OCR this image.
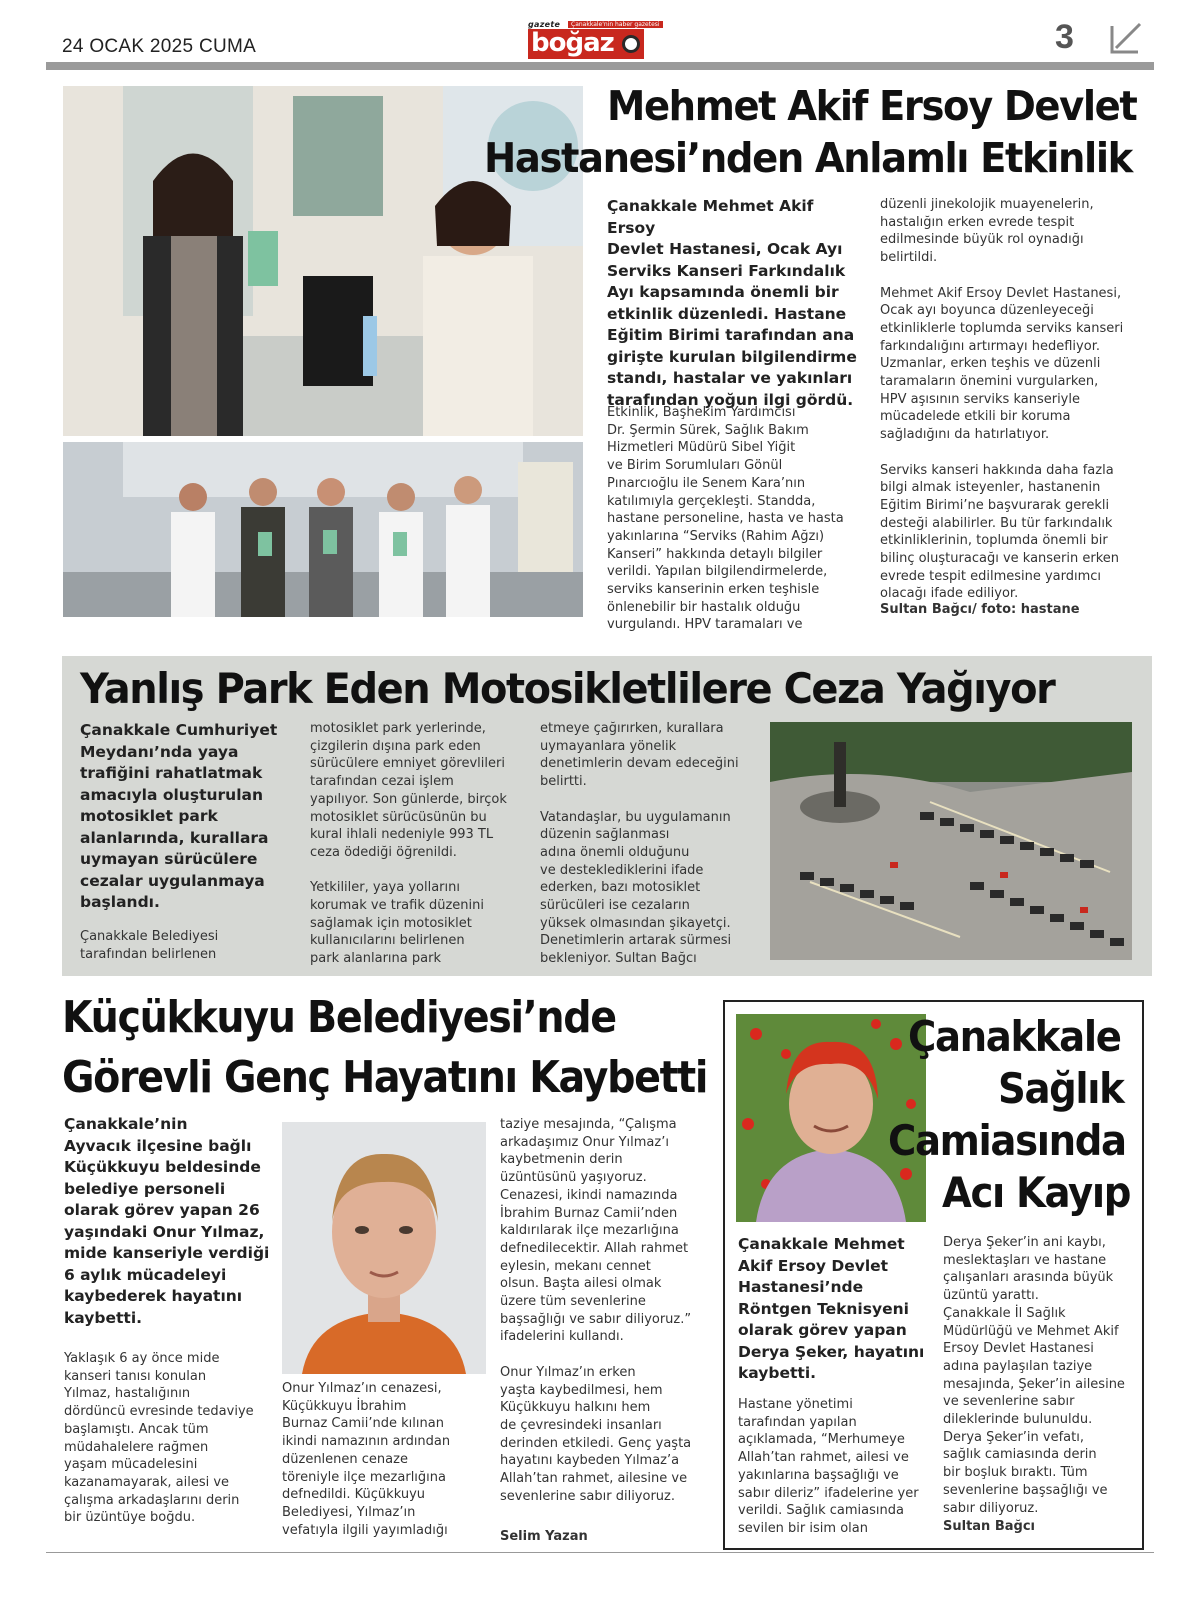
24 OCAK 2025 CUMA
gazete	Çanakkale'nin haber gazetesi
boğaz	3
Mehmet Akif Ersoy Devlet
Hastanesi’nden Anlamlı Etkinlik
Çanakkale Mehmet Akif Ersoy
Devlet Hastanesi, Ocak Ayı
Serviks Kanseri Farkındalık
Ayı kapsamında önemli bir
etkinlik düzenledi. Hastane
Eğitim Birimi tarafından ana
girişte kurulan bilgilendirme
standı, hastalar ve yakınları
tarafından yoğun ilgi gördü.
Etkinlik, Başhekim Yardımcısı
Dr. Şermin Sürek, Sağlık Bakım
Hizmetleri Müdürü Sibel Yiğit
ve Birim Sorumluları Gönül
Pınarcıoğlu ile Senem Kara’nın
katılımıyla gerçekleşti. Standda,
hastane personeline, hasta ve hasta
yakınlarına “Serviks (Rahim Ağzı)
Kanseri” hakkında detaylı bilgiler
verildi. Yapılan bilgilendirmelerde,
serviks kanserinin erken teşhisle
önlenebilir bir hastalık olduğu
vurgulandı. HPV taramaları ve
düzenli jinekolojik muayenelerin,
hastalığın erken evrede tespit
edilmesinde büyük rol oynadığı
belirtildi.

Mehmet Akif Ersoy Devlet Hastanesi,
Ocak ayı boyunca düzenleyeceği
etkinliklerle toplumda serviks kanseri
farkındalığını artırmayı hedefliyor.
Uzmanlar, erken teşhis ve düzenli
taramaların önemini vurgularken,
HPV aşısının serviks kanseriyle
mücadelede etkili bir koruma
sağladığını da hatırlatıyor.

Serviks kanseri hakkında daha fazla
bilgi almak isteyenler, hastanenin
Eğitim Birimi’ne başvurarak gerekli
desteği alabilirler. Bu tür farkındalık
etkinliklerinin, toplumda önemli bir
bilinç oluşturacağı ve kanserin erken
evrede tespit edilmesine yardımcı
olacağı ifade ediliyor.
Sultan Bağcı/ foto: hastane
Yanlış Park Eden Motosikletlilere Ceza Yağıyor
Çanakkale Cumhuriyet
Meydanı’nda yaya
trafiğini rahatlatmak
amacıyla oluşturulan
motosiklet park
alanlarında, kurallara
uymayan sürücülere
cezalar uygulanmaya
başlandı.
Çanakkale Belediyesi
tarafından belirlenen
motosiklet park yerlerinde,
çizgilerin dışına park eden
sürücülere emniyet görevlileri
tarafından cezai işlem
yapılıyor. Son günlerde, birçok
motosiklet sürücüsünün bu
kural ihlali nedeniyle 993 TL
ceza ödediği öğrenildi.

Yetkililer, yaya yollarını
korumak ve trafik düzenini
sağlamak için motosiklet
kullanıcılarını belirlenen
park alanlarına park
etmeye çağırırken, kurallara
uymayanlara yönelik
denetimlerin devam edeceğini
belirtti.

Vatandaşlar, bu uygulamanın
düzenin sağlanması
adına önemli olduğunu
ve desteklediklerini ifade
ederken, bazı motosiklet
sürücüleri ise cezaların
yüksek olmasından şikayetçi.
Denetimlerin artarak sürmesi
bekleniyor. Sultan Bağcı
Küçükkuyu Belediyesi’nde
Görevli Genç Hayatını Kaybetti
Çanakkale’nin
Ayvacık ilçesine bağlı
Küçükkuyu beldesinde
belediye personeli
olarak görev yapan 26
yaşındaki Onur Yılmaz,
mide kanseriyle verdiği
6 aylık mücadeleyi
kaybederek hayatını
kaybetti.
Yaklaşık 6 ay önce mide
kanseri tanısı konulan
Yılmaz, hastalığının
dördüncü evresinde tedaviye
başlamıştı. Ancak tüm
müdahalelere rağmen
yaşam mücadelesini
kazanamayarak, ailesi ve
çalışma arkadaşlarını derin
bir üzüntüye boğdu.
Onur Yılmaz’ın cenazesi,
Küçükkuyu İbrahim
Burnaz Camii’nde kılınan
ikindi namazının ardından
düzenlenen cenaze
töreniyle ilçe mezarlığına
defnedildi. Küçükkuyu
Belediyesi, Yılmaz’ın
vefatıyla ilgili yayımladığı
taziye mesajında, “Çalışma
arkadaşımız Onur Yılmaz’ı
kaybetmenin derin
üzüntüsünü yaşıyoruz.
Cenazesi, ikindi namazında
İbrahim Burnaz Camii’nden
kaldırılarak ilçe mezarlığına
defnedilecektir. Allah rahmet
eylesin, mekanı cennet
olsun. Başta ailesi olmak
üzere tüm sevenlerine
başsağlığı ve sabır diliyoruz.”
ifadelerini kullandı.

Onur Yılmaz’ın erken
yaşta kaybedilmesi, hem
Küçükkuyu halkını hem
de çevresindeki insanları
derinden etkiledi. Genç yaşta
hayatını kaybeden Yılmaz’a
Allah’tan rahmet, ailesine ve
sevenlerine sabır diliyoruz.
Selim Yazan
Çanakkale
Sağlık
Camiasında
Acı Kayıp
Çanakkale Mehmet
Akif Ersoy Devlet
Hastanesi’nde
Röntgen Teknisyeni
olarak görev yapan
Derya Şeker, hayatını
kaybetti.
Hastane yönetimi
tarafından yapılan
açıklamada, “Merhumeye
Allah’tan rahmet, ailesi ve
yakınlarına başsağlığı ve
sabır dileriz” ifadelerine yer
verildi. Sağlık camiasında
sevilen bir isim olan
Derya Şeker’in ani kaybı,
meslektaşları ve hastane
çalışanları arasında büyük
üzüntü yarattı.
Çanakkale İl Sağlık
Müdürlüğü ve Mehmet Akif
Ersoy Devlet Hastanesi
adına paylaşılan taziye
mesajında, Şeker’in ailesine
ve sevenlerine sabır
dileklerinde bulunuldu.
Derya Şeker’in vefatı,
sağlık camiasında derin
bir boşluk bıraktı. Tüm
sevenlerine başsağlığı ve
sabır diliyoruz.
Sultan Bağcı
